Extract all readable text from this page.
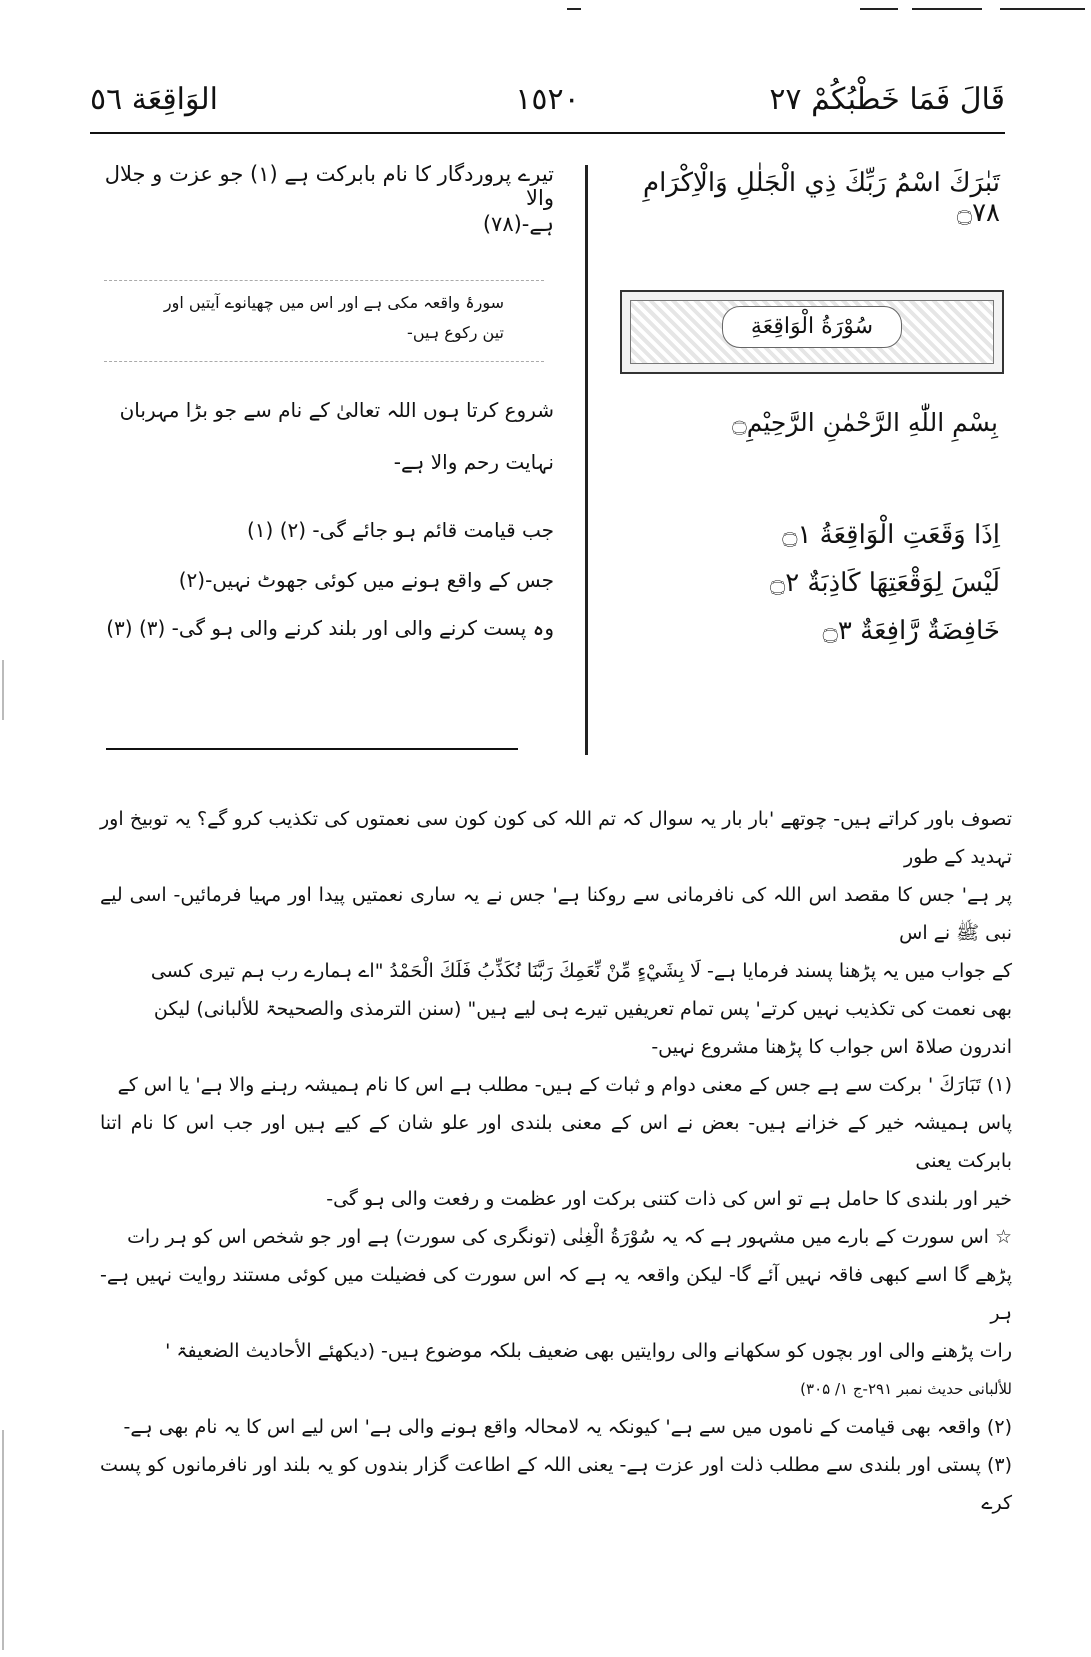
قَالَ فَمَا خَطْبُكُمْ ٢٧
١٥٢٠
الوَاقِعَة ٥٦
تَبٰرَكَ اسْمُ رَبِّكَ ذِي الْجَلٰلِ وَالْاِكْرَامِ ۝٧٨
سُوْرَةُ الْوَاقِعَةِ
بِسْمِ اللّٰهِ الرَّحْمٰنِ الرَّحِيْمِ۝
اِذَا وَقَعَتِ الْوَاقِعَةُ ۝١
لَيْسَ لِوَقْعَتِهَا كَاذِبَةٌ ۝٢
خَافِضَةٌ رَّافِعَةٌ ۝٣
تیرے پروردگار کا نام بابرکت ہے (۱) جو عزت و جلال والا
ہے-(۷۸)
سورۂ واقعہ مکی ہے اور اس میں چھیانوے آیتیں اور
تین رکوع ہیں-
شروع کرتا ہوں اللہ تعالیٰ کے نام سے جو بڑا مہربان
نہایت رحم والا ہے-
جب قیامت قائم ہو جائے گی- (۲) (۱)
جس کے واقع ہونے میں کوئی جھوٹ نہیں-(۲)
وہ پست کرنے والی اور بلند کرنے والی ہو گی- (۳) (۳)

تصوف باور کراتے ہیں- چوتھے 'بار بار یہ سوال کہ تم اللہ کی کون کون سی نعمتوں کی تکذیب کرو گے؟ یہ توبیخ اور تہدید کے طور

پر ہے' جس کا مقصد اس اللہ کی نافرمانی سے روکنا ہے' جس نے یہ ساری نعمتیں پیدا اور مہیا فرمائیں- اسی لیے نبی ﷺ نے اس

کے جواب میں یہ پڑھنا پسند فرمایا ہے- لَا بِشَيْءٍ مِّنْ نِّعَمِكَ رَبَّنَا نُكَذِّبُ فَلَكَ الْحَمْدُ "اے ہمارے رب ہم تیری کسی

بھی نعمت کی تکذیب نہیں کرتے' پس تمام تعریفیں تیرے ہی لیے ہیں" (سنن الترمذی والصحیحۃ للألبانی) لیکن

اندرون صلاۃ اس جواب کا پڑھنا مشروع نہیں-

(۱) تَبَارَكَ ' برکت سے ہے جس کے معنی دوام و ثبات کے ہیں- مطلب ہے اس کا نام ہمیشہ رہنے والا ہے' یا اس کے

پاس ہمیشہ خیر کے خزانے ہیں- بعض نے اس کے معنی بلندی اور علو شان کے کیے ہیں اور جب اس کا نام اتنا بابرکت یعنی

خیر اور بلندی کا حامل ہے تو اس کی ذات کتنی برکت اور عظمت و رفعت والی ہو گی-

☆ اس سورت کے بارے میں مشہور ہے کہ یہ سُوْرَةُ الْغِنٰى (تونگری کی سورت) ہے اور جو شخص اس کو ہر رات

پڑھے گا اسے کبھی فاقہ نہیں آئے گا- لیکن واقعہ یہ ہے کہ اس سورت کی فضیلت میں کوئی مستند روایت نہیں ہے- ہر

رات پڑھنے والی اور بچوں کو سکھانے والی روایتیں بھی ضعیف بلکہ موضوع ہیں- (دیکھئے الأحادیث الضعیفۃ '

للألبانی حدیث نمبر ۲۹۱-ج ۱/ ۳۰۵)

(۲) واقعہ بھی قیامت کے ناموں میں سے ہے' کیونکہ یہ لامحالہ واقع ہونے والی ہے' اس لیے اس کا یہ نام بھی ہے-

(۳) پستی اور بلندی سے مطلب ذلت اور عزت ہے- یعنی اللہ کے اطاعت گزار بندوں کو یہ بلند اور نافرمانوں کو پست کرے
